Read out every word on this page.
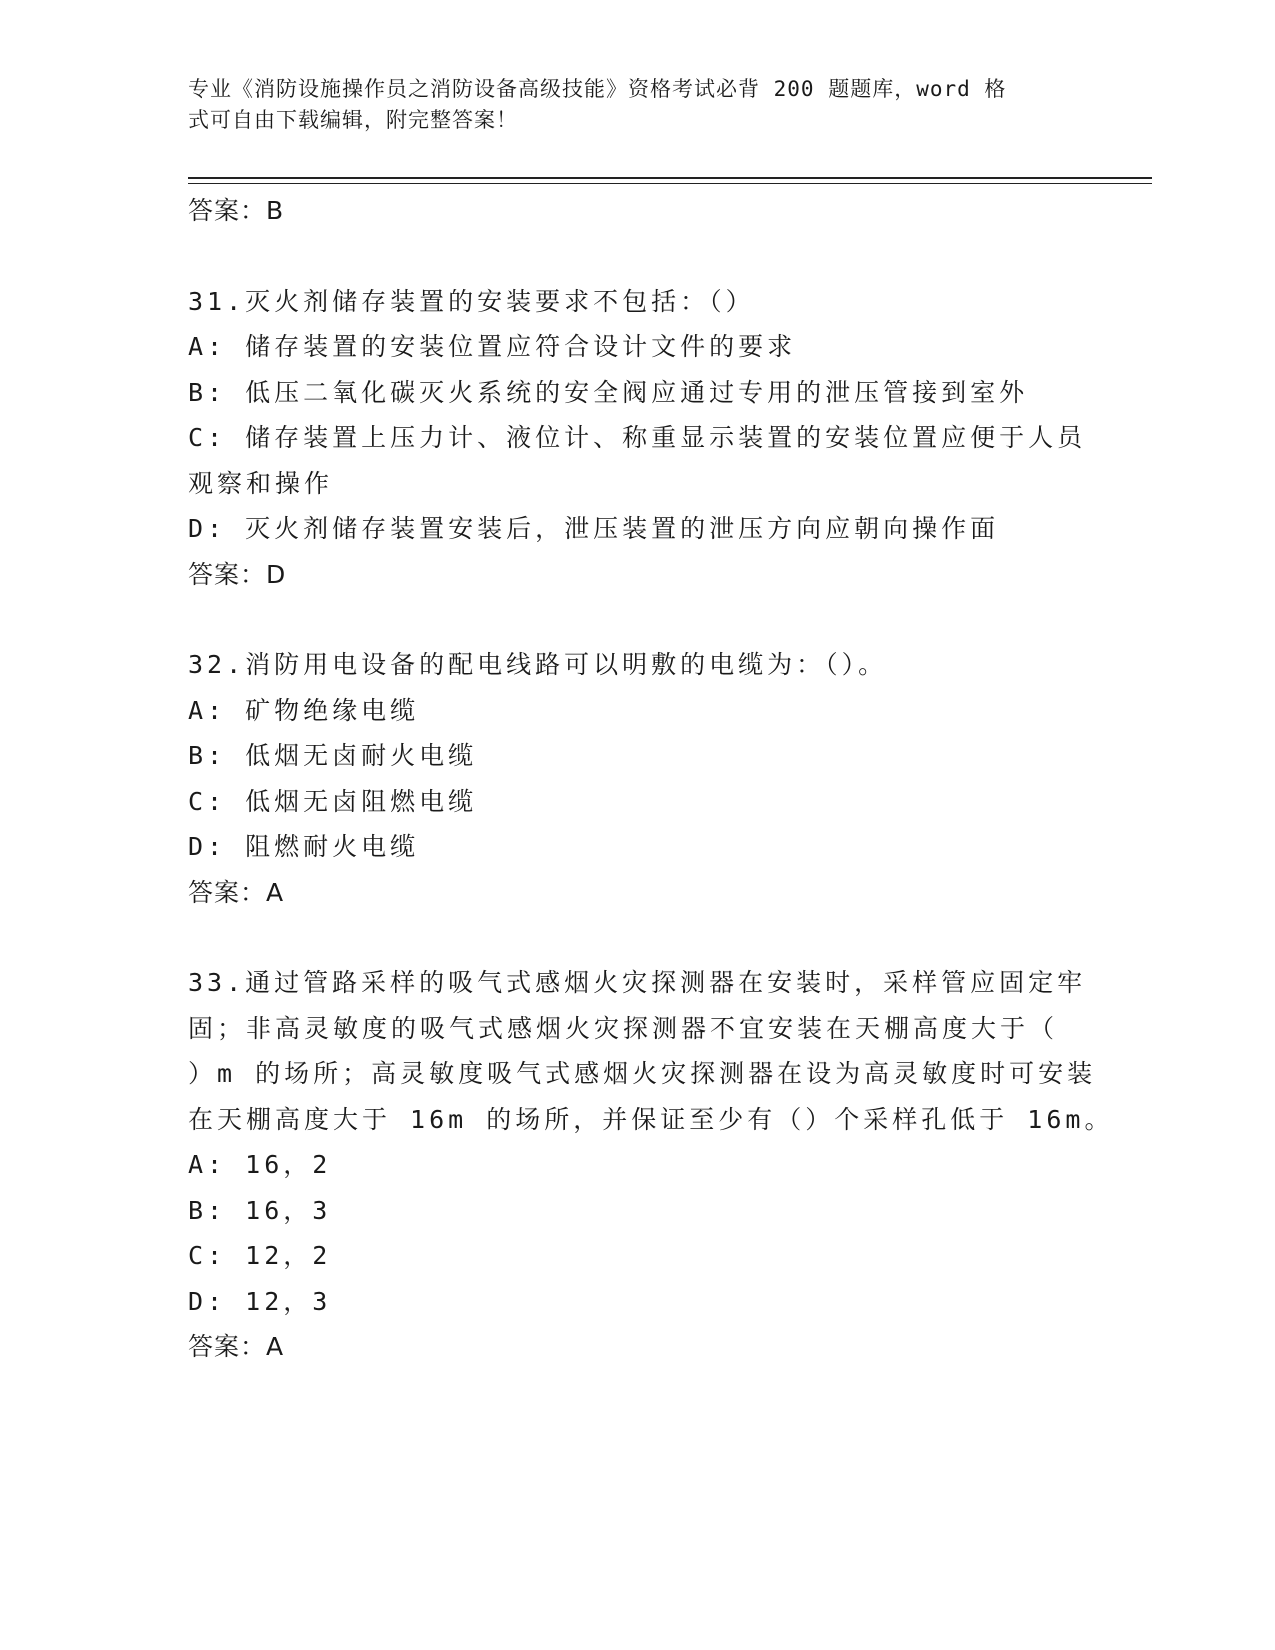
专业《消防设施操作员之消防设备高级技能》资格考试必背 200 题题库，word 格
式可自由下载编辑，附完整答案！
答案：B
31.灭火剂储存装置的安装要求不包括：（）
A: 储存装置的安装位置应符合设计文件的要求
B: 低压二氧化碳灭火系统的安全阀应通过专用的泄压管接到室外
C: 储存装置上压力计、液位计、称重显示装置的安装位置应便于人员
观察和操作
D: 灭火剂储存装置安装后，泄压装置的泄压方向应朝向操作面
答案：D
32.消防用电设备的配电线路可以明敷的电缆为：（）。
A: 矿物绝缘电缆
B: 低烟无卤耐火电缆
C: 低烟无卤阻燃电缆
D: 阻燃耐火电缆
答案：A
33.通过管路采样的吸气式感烟火灾探测器在安装时，采样管应固定牢
固；非高灵敏度的吸气式感烟火灾探测器不宜安装在天棚高度大于（
）m 的场所；高灵敏度吸气式感烟火灾探测器在设为高灵敏度时可安装
在天棚高度大于 16m 的场所，并保证至少有（）个采样孔低于 16m。
A: 16，2
B: 16，3
C: 12，2
D: 12，3
答案：A
